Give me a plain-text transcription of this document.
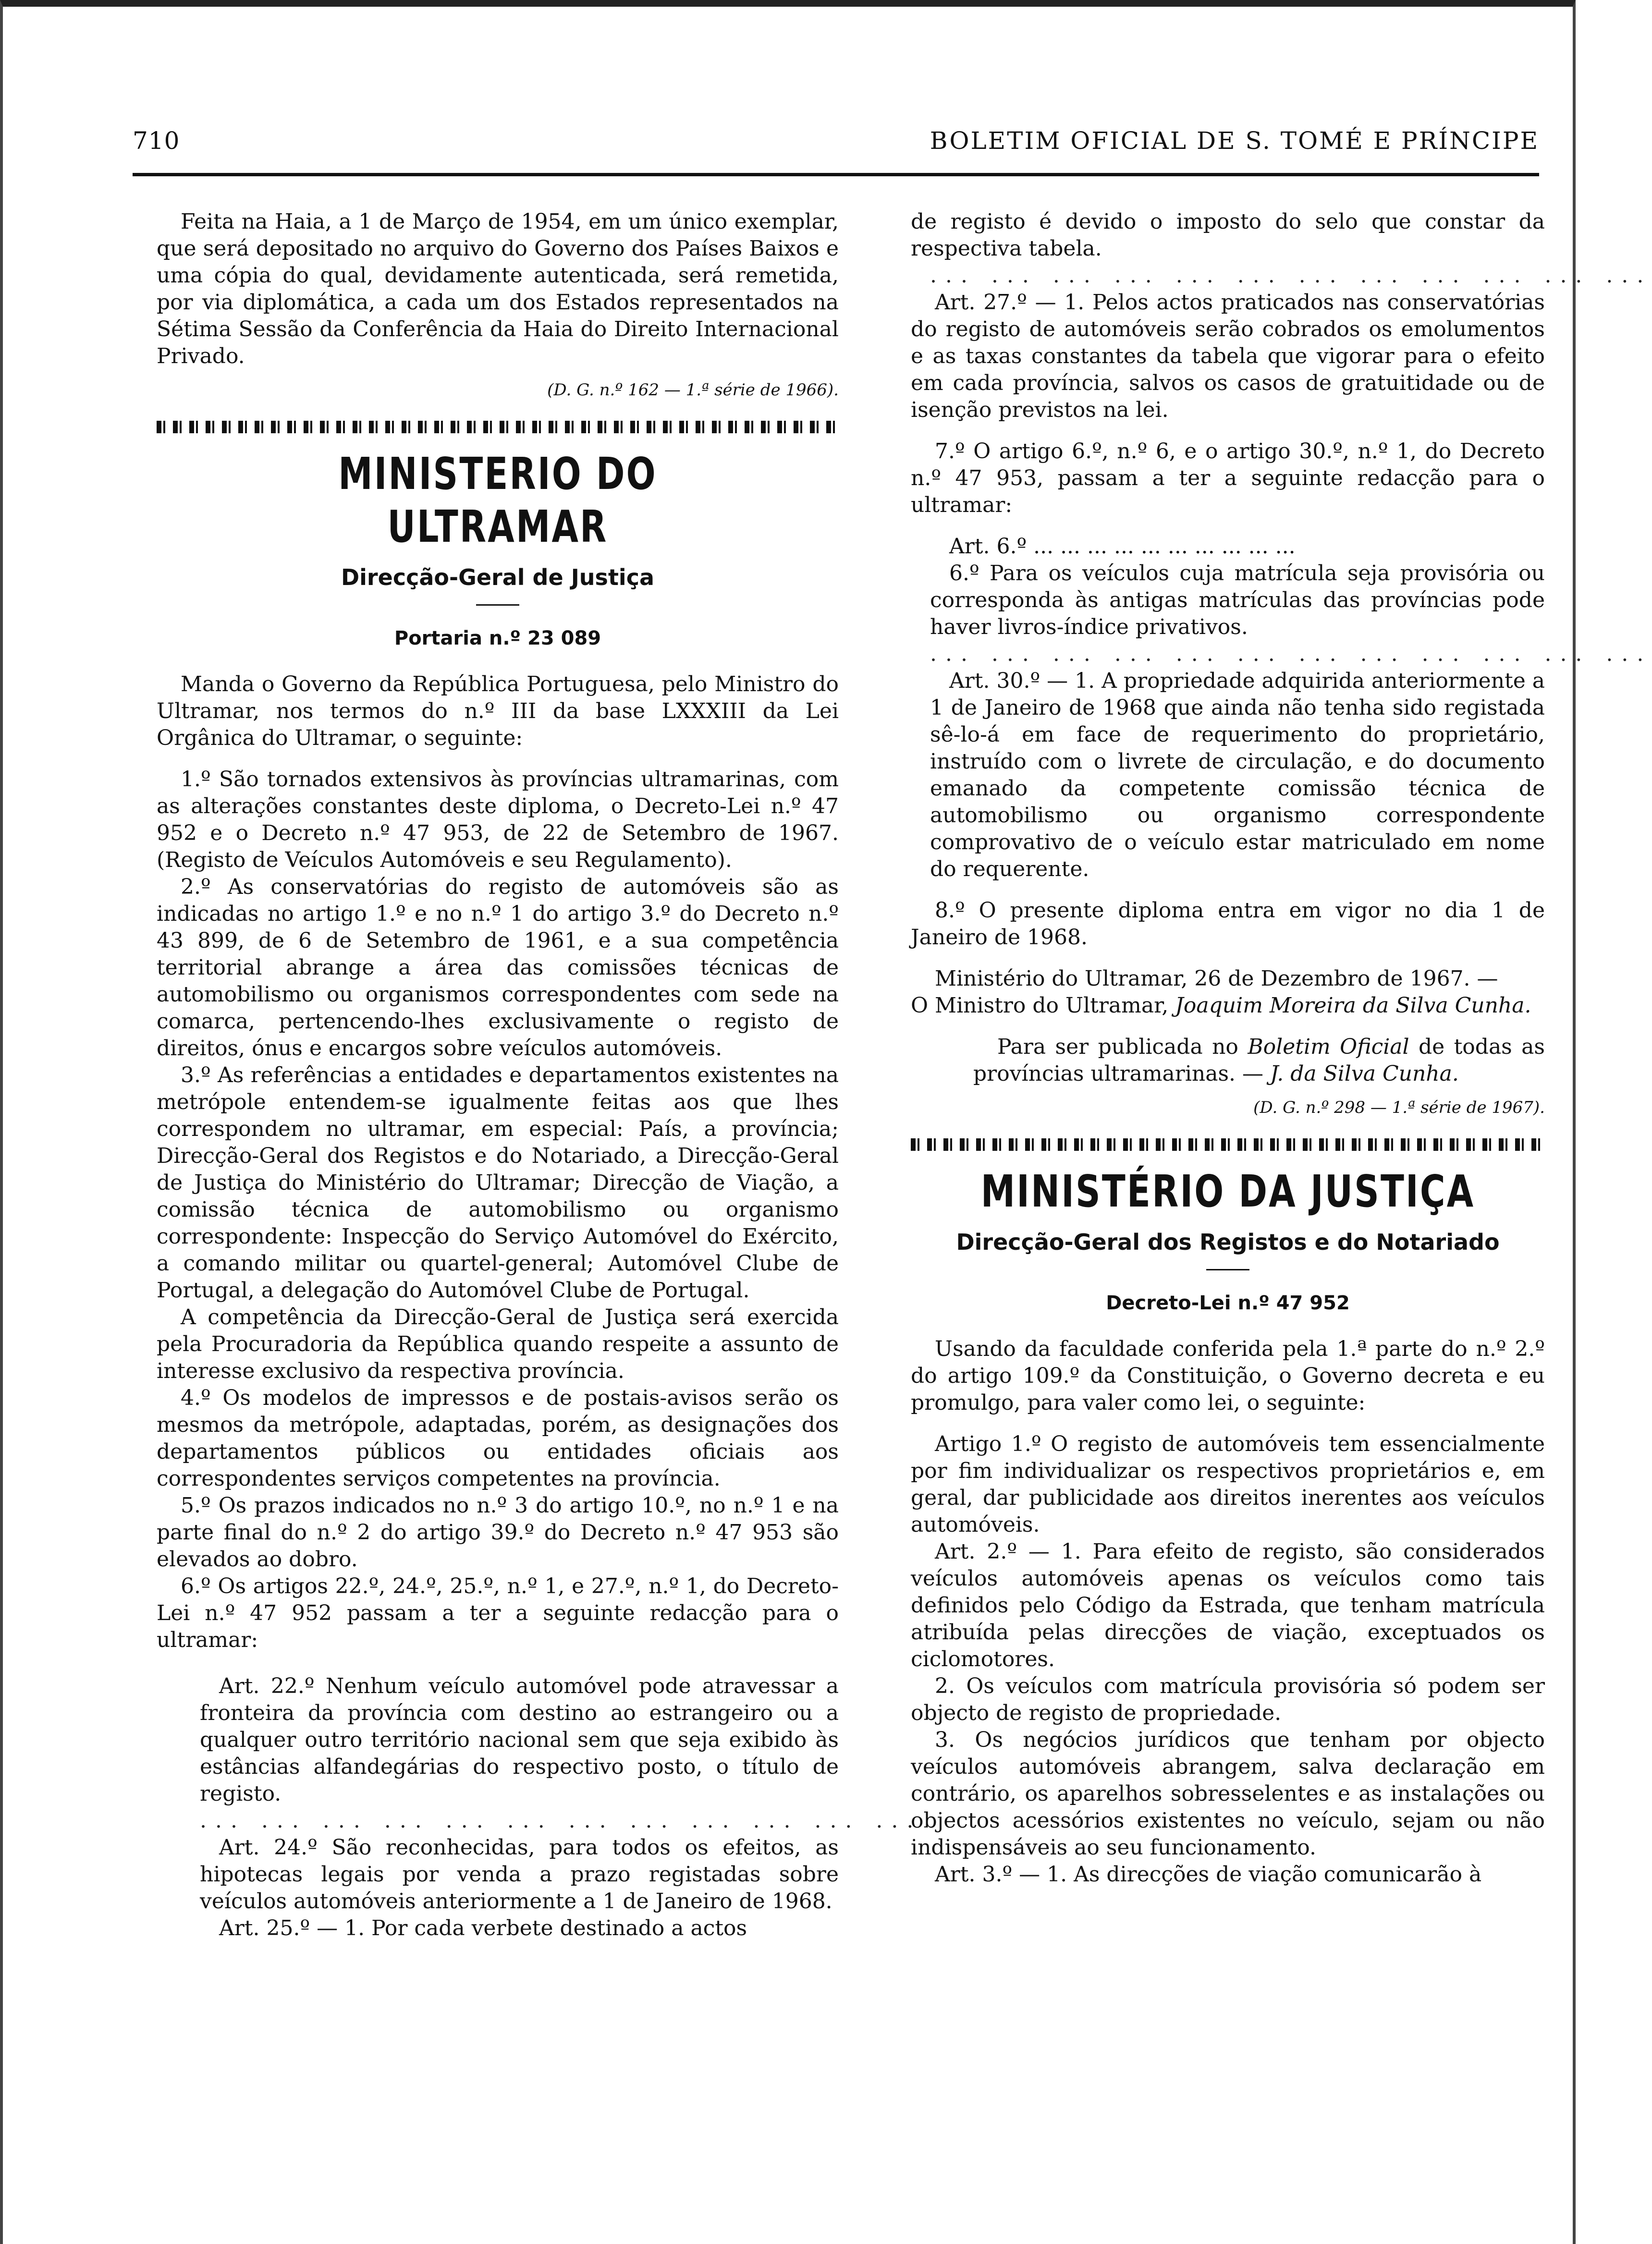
710	BOLETIM OFICIAL DE S. TOMÉ E PRÍNCIPE

Feita na Haia, a 1 de Março de 1954, em um único exemplar, que será depositado no arquivo do Governo dos Países Baixos e uma cópia do qual, devidamente autenticada, será remetida, por via diplomática, a cada um dos Estados representados na Sétima Sessão da Conferência da Haia do Direito Internacional Privado.

(D. G. n.º 162 — 1.ª série de 1966).
MINISTERIO DO ULTRAMAR
Direcção-Geral de Justiça
Portaria n.º 23 089

Manda o Governo da República Portuguesa, pelo Ministro do Ultramar, nos termos do n.º III da base LXXXIII da Lei Orgânica do Ultramar, o seguinte:

1.º São tornados extensivos às províncias ultramarinas, com as alterações constantes deste diploma, o Decreto-Lei n.º 47 952 e o Decreto n.º 47 953, de 22 de Setembro de 1967. (Registo de Veículos Automóveis e seu Regulamento).

2.º As conservatórias do registo de automóveis são as indicadas no artigo 1.º e no n.º 1 do artigo 3.º do Decreto n.º 43 899, de 6 de Setembro de 1961, e a sua competência territorial abrange a área das comissões técnicas de automobilismo ou organismos correspondentes com sede na comarca, pertencendo-lhes exclusivamente o registo de direitos, ónus e encargos sobre veículos automóveis.

3.º As referências a entidades e departamentos existentes na metrópole entendem-se igualmente feitas aos que lhes correspondem no ultramar, em especial: País, a província; Direcção-Geral dos Registos e do Notariado, a Direcção-Geral de Justiça do Ministério do Ultramar; Direcção de Viação, a comissão técnica de automobilismo ou organismo correspondente: Inspecção do Serviço Automóvel do Exército, a comando militar ou quartel-general; Automóvel Clube de Portugal, a delegação do Automóvel Clube de Portugal.

A competência da Direcção-Geral de Justiça será exercida pela Procuradoria da República quando respeite a assunto de interesse exclusivo da respectiva província.

4.º Os modelos de impressos e de postais-avisos serão os mesmos da metrópole, adaptadas, porém, as designações dos departamentos públicos ou entidades oficiais aos correspondentes serviços competentes na província.

5.º Os prazos indicados no n.º 3 do artigo 10.º, no n.º 1 e na parte final do n.º 2 do artigo 39.º do Decreto n.º 47 953 são elevados ao dobro.

6.º Os artigos 22.º, 24.º, 25.º, n.º 1, e 27.º, n.º 1, do Decreto-Lei n.º 47 952 passam a ter a seguinte redacção para o ultramar:

Art. 22.º Nenhum veículo automóvel pode atravessar a fronteira da província com destino ao estrangeiro ou a qualquer outro território nacional sem que seja exibido às estâncias alfandegárias do respectivo posto, o título de registo.

... ... ... ... ... ... ... ... ... ... ... ...

Art. 24.º São reconhecidas, para todos os efeitos, as hipotecas legais por venda a prazo registadas sobre veículos automóveis anteriormente a 1 de Janeiro de 1968.

Art. 25.º — 1. Por cada verbete destinado a actos

de registo é devido o imposto do selo que constar da respectiva tabela.

... ... ... ... ... ... ... ... ... ... ... ...

Art. 27.º — 1. Pelos actos praticados nas conservatórias do registo de automóveis serão cobrados os emolumentos e as taxas constantes da tabela que vigorar para o efeito em cada província, salvos os casos de gratuitidade ou de isenção previstos na lei.

7.º O artigo 6.º, n.º 6, e o artigo 30.º, n.º 1, do Decreto n.º 47 953, passam a ter a seguinte redacção para o ultramar:

Art. 6.º ... ... ... ... ... ... ... ... ... ...

6.º Para os veículos cuja matrícula seja provisória ou corresponda às antigas matrículas das províncias pode haver livros-índice privativos.

... ... ... ... ... ... ... ... ... ... ... ...

Art. 30.º — 1. A propriedade adquirida anteriormente a 1 de Janeiro de 1968 que ainda não tenha sido registada sê-lo-á em face de requerimento do proprietário, instruído com o livrete de circulação, e do documento emanado da competente comissão técnica de automobilismo ou organismo correspondente comprovativo de o veículo estar matriculado em nome do requerente.

8.º O presente diploma entra em vigor no dia 1 de Janeiro de 1968.

Ministério do Ultramar, 26 de Dezembro de 1967. —

O Ministro do Ultramar, Joaquim Moreira da Silva Cunha.

Para ser publicada no Boletim Oficial de todas as províncias ultramarinas. — J. da Silva Cunha.

(D. G. n.º 298 — 1.ª série de 1967).
MINISTÉRIO DA JUSTIÇA
Direcção-Geral dos Registos e do Notariado
Decreto-Lei n.º 47 952

Usando da faculdade conferida pela 1.ª parte do n.º 2.º do artigo 109.º da Constituição, o Governo decreta e eu promulgo, para valer como lei, o seguinte:

Artigo 1.º O registo de automóveis tem essencialmente por fim individualizar os respectivos proprietários e, em geral, dar publicidade aos direitos inerentes aos veículos automóveis.

Art. 2.º — 1. Para efeito de registo, são considerados veículos automóveis apenas os veículos como tais definidos pelo Código da Estrada, que tenham matrícula atribuída pelas direcções de viação, exceptuados os ciclomotores.

2. Os veículos com matrícula provisória só podem ser objecto de registo de propriedade.

3. Os negócios jurídicos que tenham por objecto veículos automóveis abrangem, salva declaração em contrário, os aparelhos sobresselentes e as instalações ou objectos acessórios existentes no veículo, sejam ou não indispensáveis ao seu funcionamento.

Art. 3.º — 1. As direcções de viação comunicarão à
